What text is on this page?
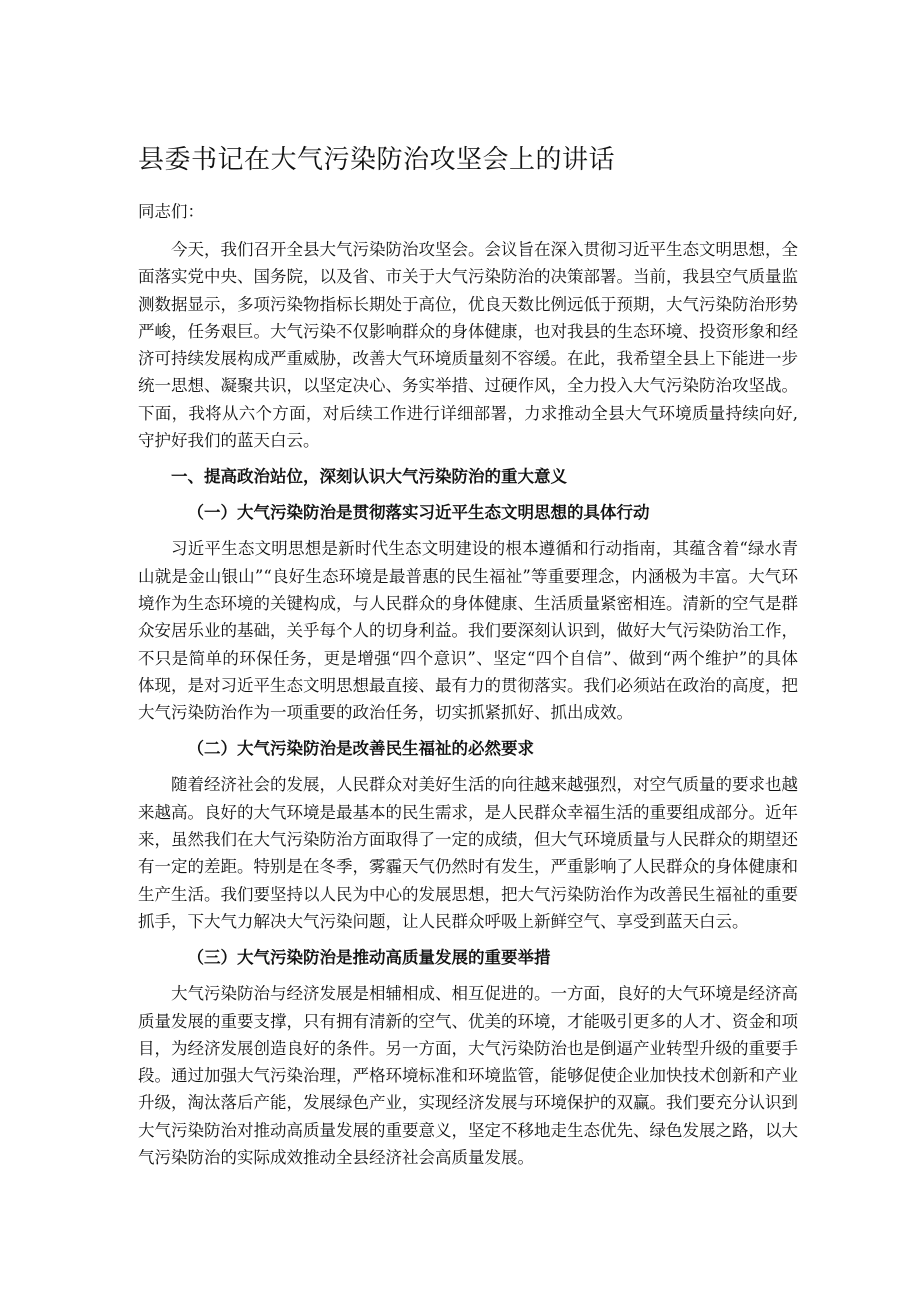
县委书记在大气污染防治攻坚会上的讲话

同志们：

今天，我们召开全县大气污染防治攻坚会。会议旨在深入贯彻习近平生态文明思想，全面落实党中央、国务院，以及省、市关于大气污染防治的决策部署。当前，我县空气质量监测数据显示，多项污染物指标长期处于高位，优良天数比例远低于预期，大气污染防治形势严峻，任务艰巨。大气污染不仅影响群众的身体健康，也对我县的生态环境、投资形象和经济可持续发展构成严重威胁，改善大气环境质量刻不容缓。在此，我希望全县上下能进一步统一思想、凝聚共识，以坚定决心、务实举措、过硬作风，全力投入大气污染防治攻坚战。下面，我将从六个方面，对后续工作进行详细部署，力求推动全县大气环境质量持续向好,守护好我们的蓝天白云。

一、提高政治站位，深刻认识大气污染防治的重大意义

（一）大气污染防治是贯彻落实习近平生态文明思想的具体行动

习近平生态文明思想是新时代生态文明建设的根本遵循和行动指南，其蕴含着“绿水青山就是金山银山”“良好生态环境是最普惠的民生福祉”等重要理念，内涵极为丰富。大气环境作为生态环境的关键构成，与人民群众的身体健康、生活质量紧密相连。清新的空气是群众安居乐业的基础，关乎每个人的切身利益。我们要深刻认识到，做好大气污染防治工作，不只是简单的环保任务，更是增强“四个意识”、坚定“四个自信”、做到“两个维护”的具体体现，是对习近平生态文明思想最直接、最有力的贯彻落实。我们必须站在政治的高度，把大气污染防治作为一项重要的政治任务，切实抓紧抓好、抓出成效。

（二）大气污染防治是改善民生福祉的必然要求

随着经济社会的发展，人民群众对美好生活的向往越来越强烈，对空气质量的要求也越来越高。良好的大气环境是最基本的民生需求，是人民群众幸福生活的重要组成部分。近年来，虽然我们在大气污染防治方面取得了一定的成绩，但大气环境质量与人民群众的期望还有一定的差距。特别是在冬季，雾霾天气仍然时有发生，严重影响了人民群众的身体健康和生产生活。我们要坚持以人民为中心的发展思想，把大气污染防治作为改善民生福祉的重要抓手，下大气力解决大气污染问题，让人民群众呼吸上新鲜空气、享受到蓝天白云。

（三）大气污染防治是推动高质量发展的重要举措

大气污染防治与经济发展是相辅相成、相互促进的。一方面，良好的大气环境是经济高质量发展的重要支撑，只有拥有清新的空气、优美的环境，才能吸引更多的人才、资金和项目，为经济发展创造良好的条件。另一方面，大气污染防治也是倒逼产业转型升级的重要手段。通过加强大气污染治理，严格环境标准和环境监管，能够促使企业加快技术创新和产业升级，淘汰落后产能，发展绿色产业，实现经济发展与环境保护的双赢。我们要充分认识到大气污染防治对推动高质量发展的重要意义，坚定不移地走生态优先、绿色发展之路，以大气污染防治的实际成效推动全县经济社会高质量发展。
